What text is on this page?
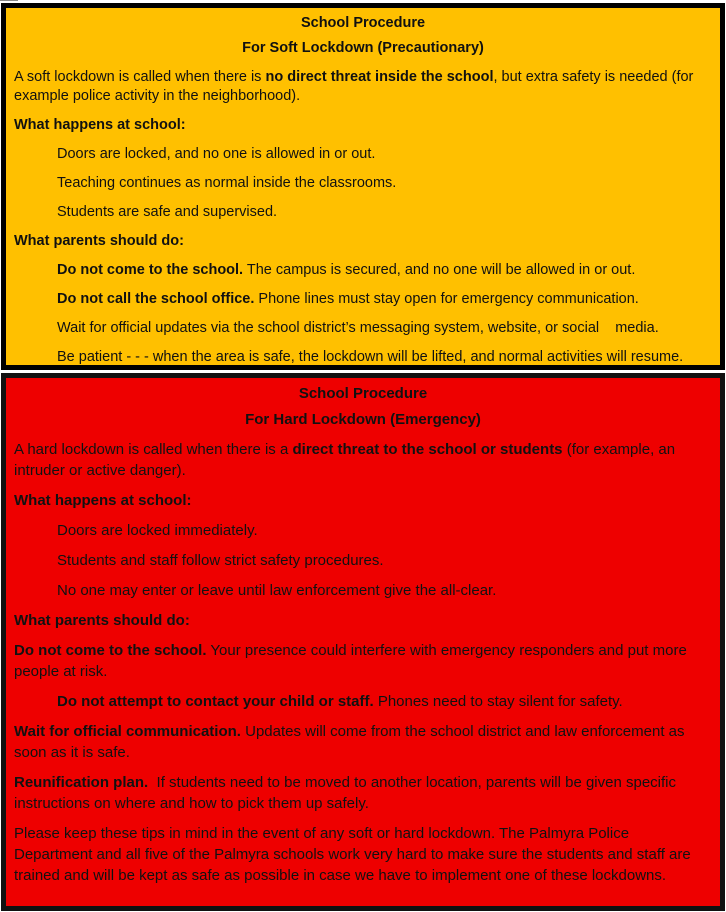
School Procedure
For Soft Lockdown (Precautionary)

A soft lockdown is called when there is no direct threat inside the school, but extra safety is needed (for example police activity in the neighborhood).

What happens at school:

Doors are locked, and no one is allowed in or out.

Teaching continues as normal inside the classrooms.

Students are safe and supervised.

What parents should do:

Do not come to the school. The campus is secured, and no one will be allowed in or out.

Do not call the school office. Phone lines must stay open for emergency communication.

Wait for official updates via the school district’s messaging system, website, or social    media.

Be patient - - - when the area is safe, the lockdown will be lifted, and normal activities will resume.

School Procedure
For Hard Lockdown (Emergency)

A hard lockdown is called when there is a direct threat to the school or students (for example, an intruder or active danger).

What happens at school:

Doors are locked immediately.

Students and staff follow strict safety procedures.

No one may enter or leave until law enforcement give the all-clear.

What parents should do:

Do not come to the school. Your presence could interfere with emergency responders and put more people at risk.

Do not attempt to contact your child or staff. Phones need to stay silent for safety.

Wait for official communication. Updates will come from the school district and law enforcement as soon as it is safe.

Reunification plan.  If students need to be moved to another location, parents will be given specific instructions on where and how to pick them up safely.

Please keep these tips in mind in the event of any soft or hard lockdown. The Palmyra Police Department and all five of the Palmyra schools work very hard to make sure the students and staff are trained and will be kept as safe as possible in case we have to implement one of these lockdowns.
